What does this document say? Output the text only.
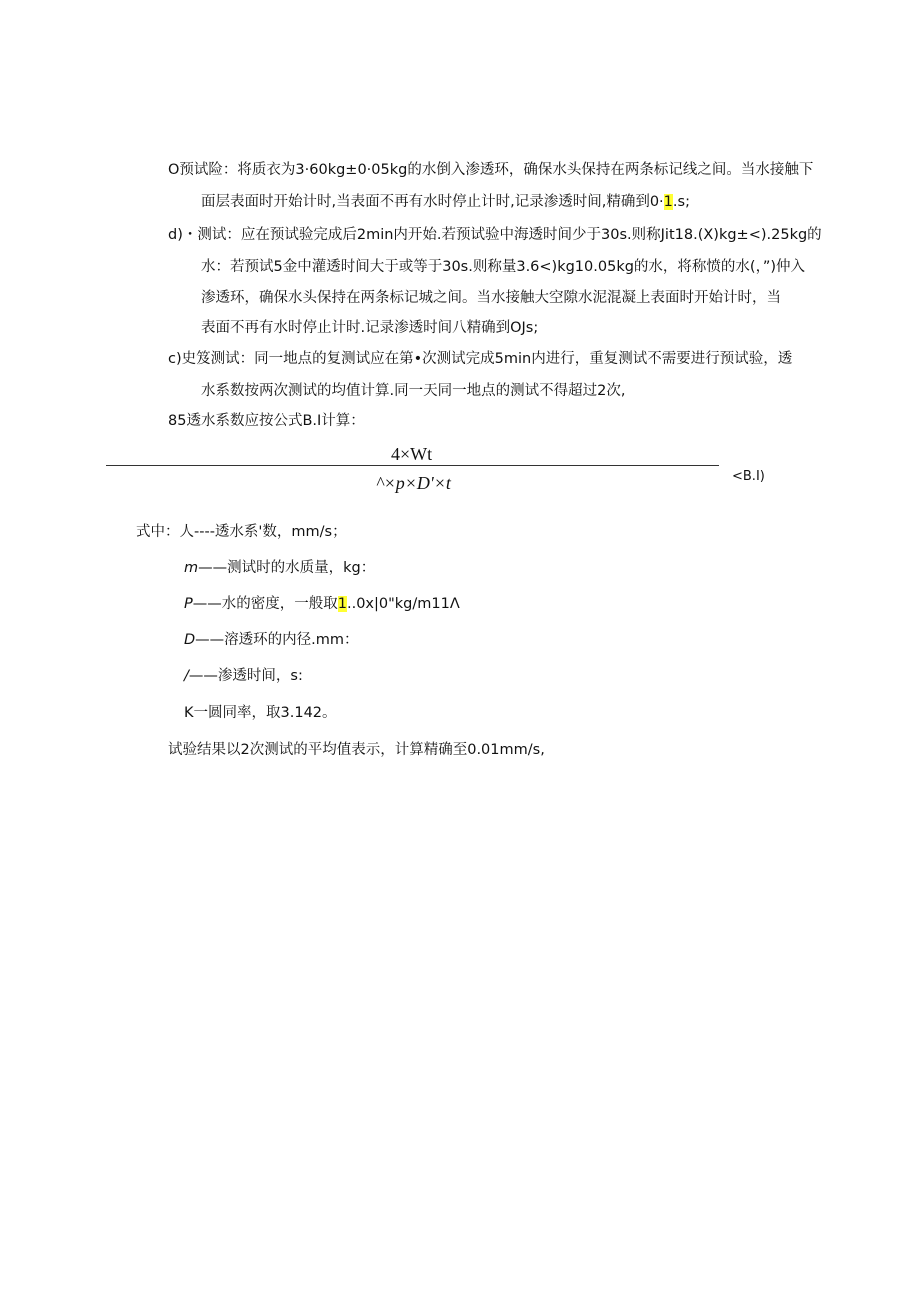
O预试险：将质衣为3·60kg±0·05kg的水倒入渗透环，确保水头保持在两条标记线之间。当水接触下
面层表面时开始计时,当表面不再有水时停止计时,记录渗透时间,精确到0·1.s;
d)・测试：应在预试验完成后2min内开始.若预试验中海透时间少于30s.则称Jit18.(X)kg±<).25kg的
水：若预试5金中灌透时间大于或等于30s.则称量3.6<)kg10.05kg的水，将称愤的水(，”)仲入
渗透环，确保水头保持在两条标记城之间。当水接触大空隙水泥混凝上表面时开始计时，当
表面不再有水时停止计时.记录渗透时间八精确到OJs;
c)史笈测试：同一地点的复测试应在第•次测试完成5min内进行，重复测试不需要进行预试验，透
水系数按两次测试的均值计算.同一天同一地点的测试不得超过2次,
85透水系数应按公式B.I计算：
4×Wt
^×p×D'×t	<B.I)
式中：人----透水系'数，mm/s；
m——测试时的水质量，kg：
P——水的密度，一般取1..0x|0"kg∕m11Λ
D——溶透环的内径.mm：
/——渗透时间，s:
K一圆同率，取3.142。
试验结果以2次测试的平均值表示，计算精确至0.01mm/s,
